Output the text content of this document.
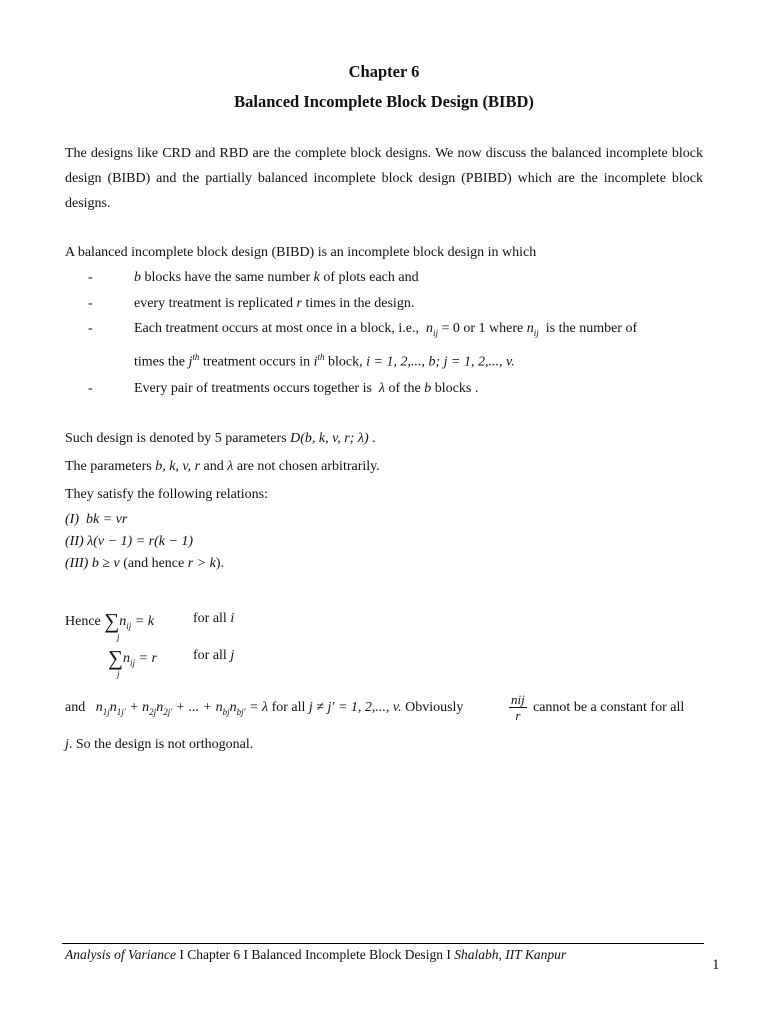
Chapter 6
Balanced Incomplete Block Design (BIBD)
The designs like CRD and RBD are the complete block designs. We now discuss the balanced incomplete block design (BIBD) and the partially balanced incomplete block design (PBIBD) which are the incomplete block designs.
A balanced incomplete block design (BIBD) is an incomplete block design in which
-	b blocks have the same number k of plots each and
-	every treatment is replicated r times in the design.
-	Each treatment occurs at most once in a block, i.e., $n_{ij} = 0$ or 1 where $n_{ij}$  is the number of
times the $j^{th}$ treatment occurs in $i^{th}$ block, i = 1, 2,..., b; j = 1, 2,..., v.
-	Every pair of treatments occurs together is  λ of the b blocks .
Such design is denoted by 5 parameters D(b, k, v, r; λ) .
The parameters b, k, v, r and λ are not chosen arbitrarily.
They satisfy the following relations:
(I) bk = vr
(II) λ(v − 1) = r(k − 1)
(III) b ≥ v (and hence r > k).
Hence $\sum n_{ij} = k$
j
for all i
$\sum n_{ij} = r$
j
for all j
and $n_{1j}n_{1j'} + n_{2j}n_{2j'}$ + ... + $n_{bj}n_{bj'} = \lambda$ for all j ≠ j′ = 1, 2,..., v. Obviously	$\frac{\text{nij}}{r}$ cannot be a constant for all
j. So the design is not orthogonal.
Analysis of Variance I Chapter 6 I Balanced Incomplete Block Design I Shalabh, IIT Kanpur
1
